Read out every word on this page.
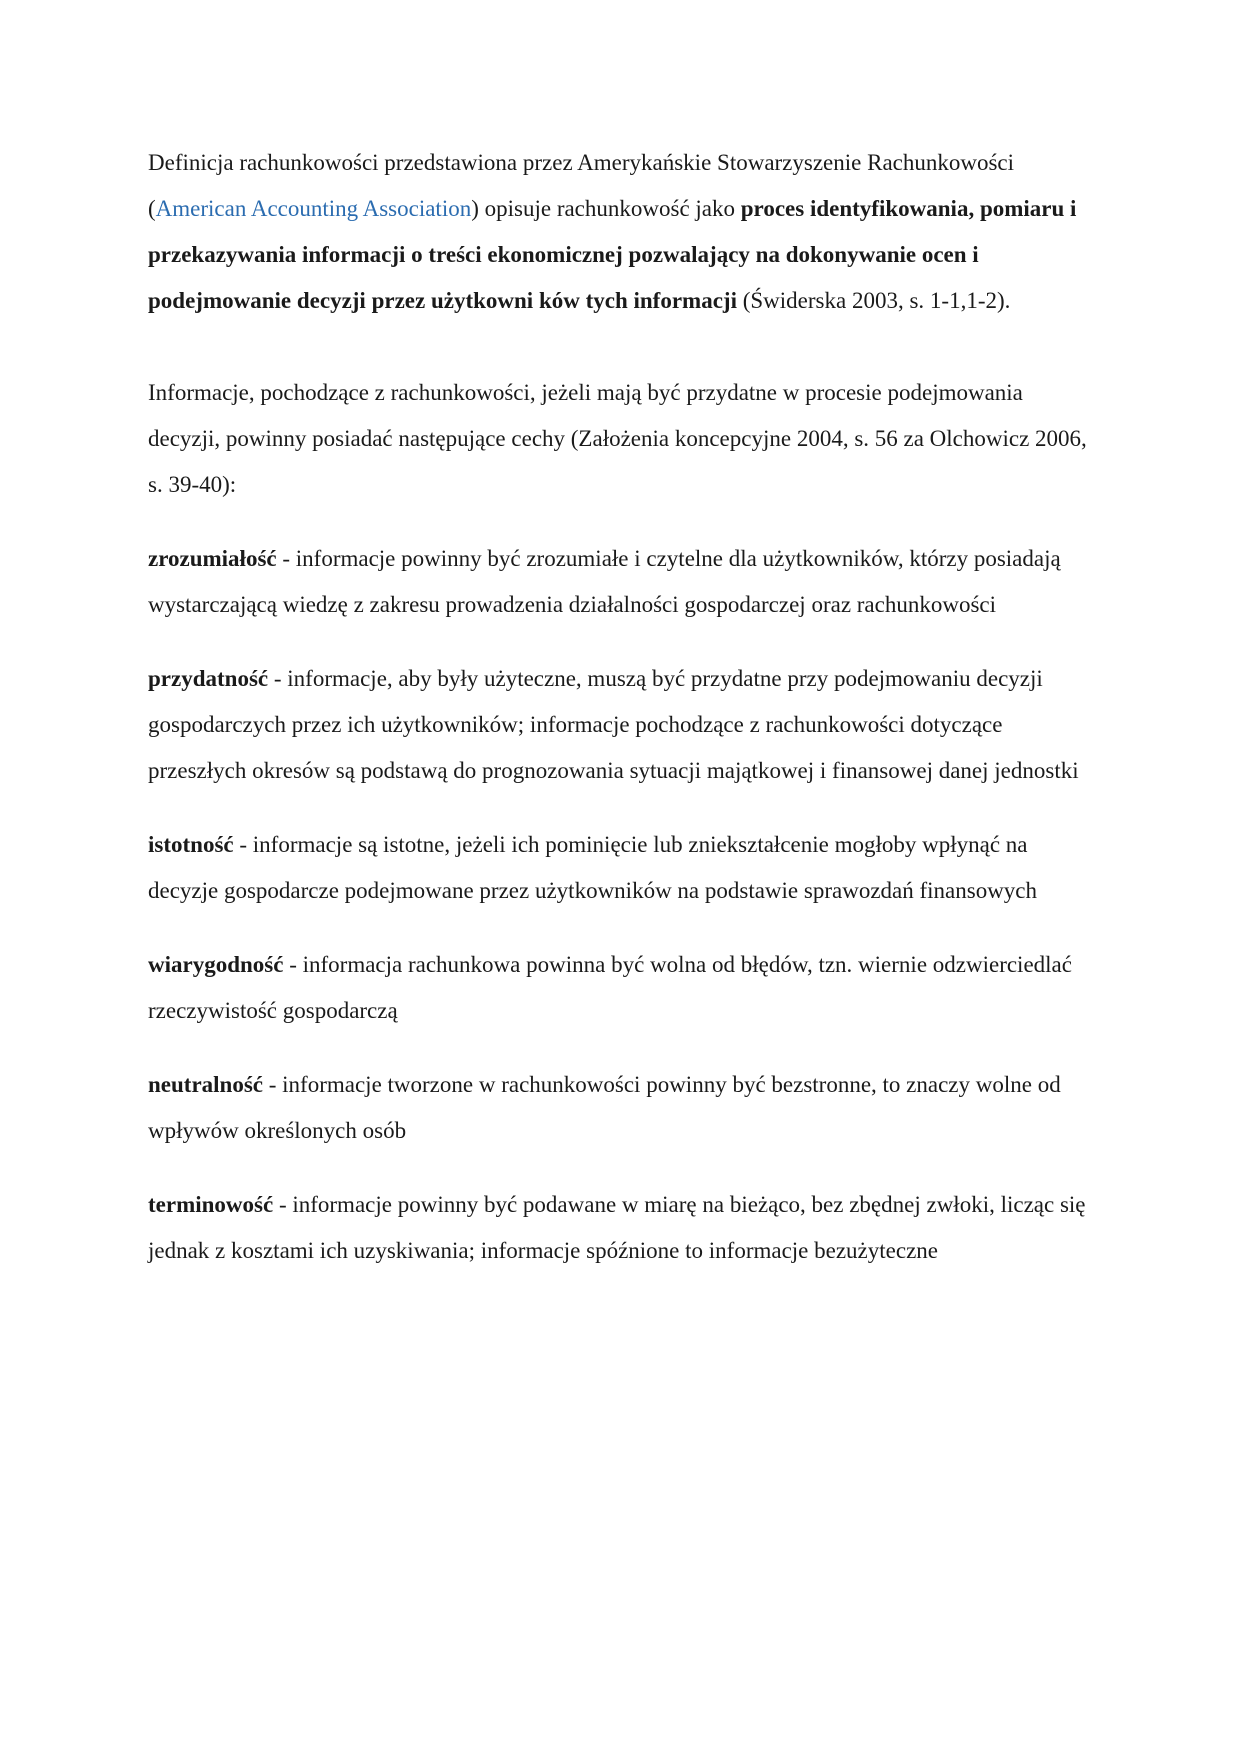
Definicja rachunkowości przedstawiona przez Amerykańskie Stowarzyszenie Rachunkowości (American Accounting Association) opisuje rachunkowość jako proces identyfikowania, pomiaru i przekazywania informacji o treści ekonomicznej pozwalający na dokonywanie ocen i podejmowanie decyzji przez użytkowni ków tych informacji (Świderska 2003, s. 1-1,1-2).

Informacje, pochodzące z rachunkowości, jeżeli mają być przydatne w procesie podejmowania decyzji, powinny posiadać następujące cechy (Założenia koncepcyjne 2004, s. 56 za Olchowicz 2006, s. 39-40):

zrozumiałość - informacje powinny być zrozumiałe i czytelne dla użytkowników, którzy posiadają wystarczającą wiedzę z zakresu prowadzenia działalności gospodarczej oraz rachunkowości

przydatność - informacje, aby były użyteczne, muszą być przydatne przy podejmowaniu decyzji gospodarczych przez ich użytkowników; informacje pochodzące z rachunkowości dotyczące przeszłych okresów są podstawą do prognozowania sytuacji majątkowej i finansowej danej jednostki

istotność - informacje są istotne, jeżeli ich pominięcie lub zniekształcenie mogłoby wpłynąć na decyzje gospodarcze podejmowane przez użytkowników na podstawie sprawozdań finansowych

wiarygodność - informacja rachunkowa powinna być wolna od błędów, tzn. wiernie odzwierciedlać rzeczywistość gospodarczą

neutralność - informacje tworzone w rachunkowości powinny być bezstronne, to znaczy wolne od wpływów określonych osób

terminowość - informacje powinny być podawane w miarę na bieżąco, bez zbędnej zwłoki, licząc się jednak z kosztami ich uzyskiwania; informacje spóźnione to informacje bezużyteczne
